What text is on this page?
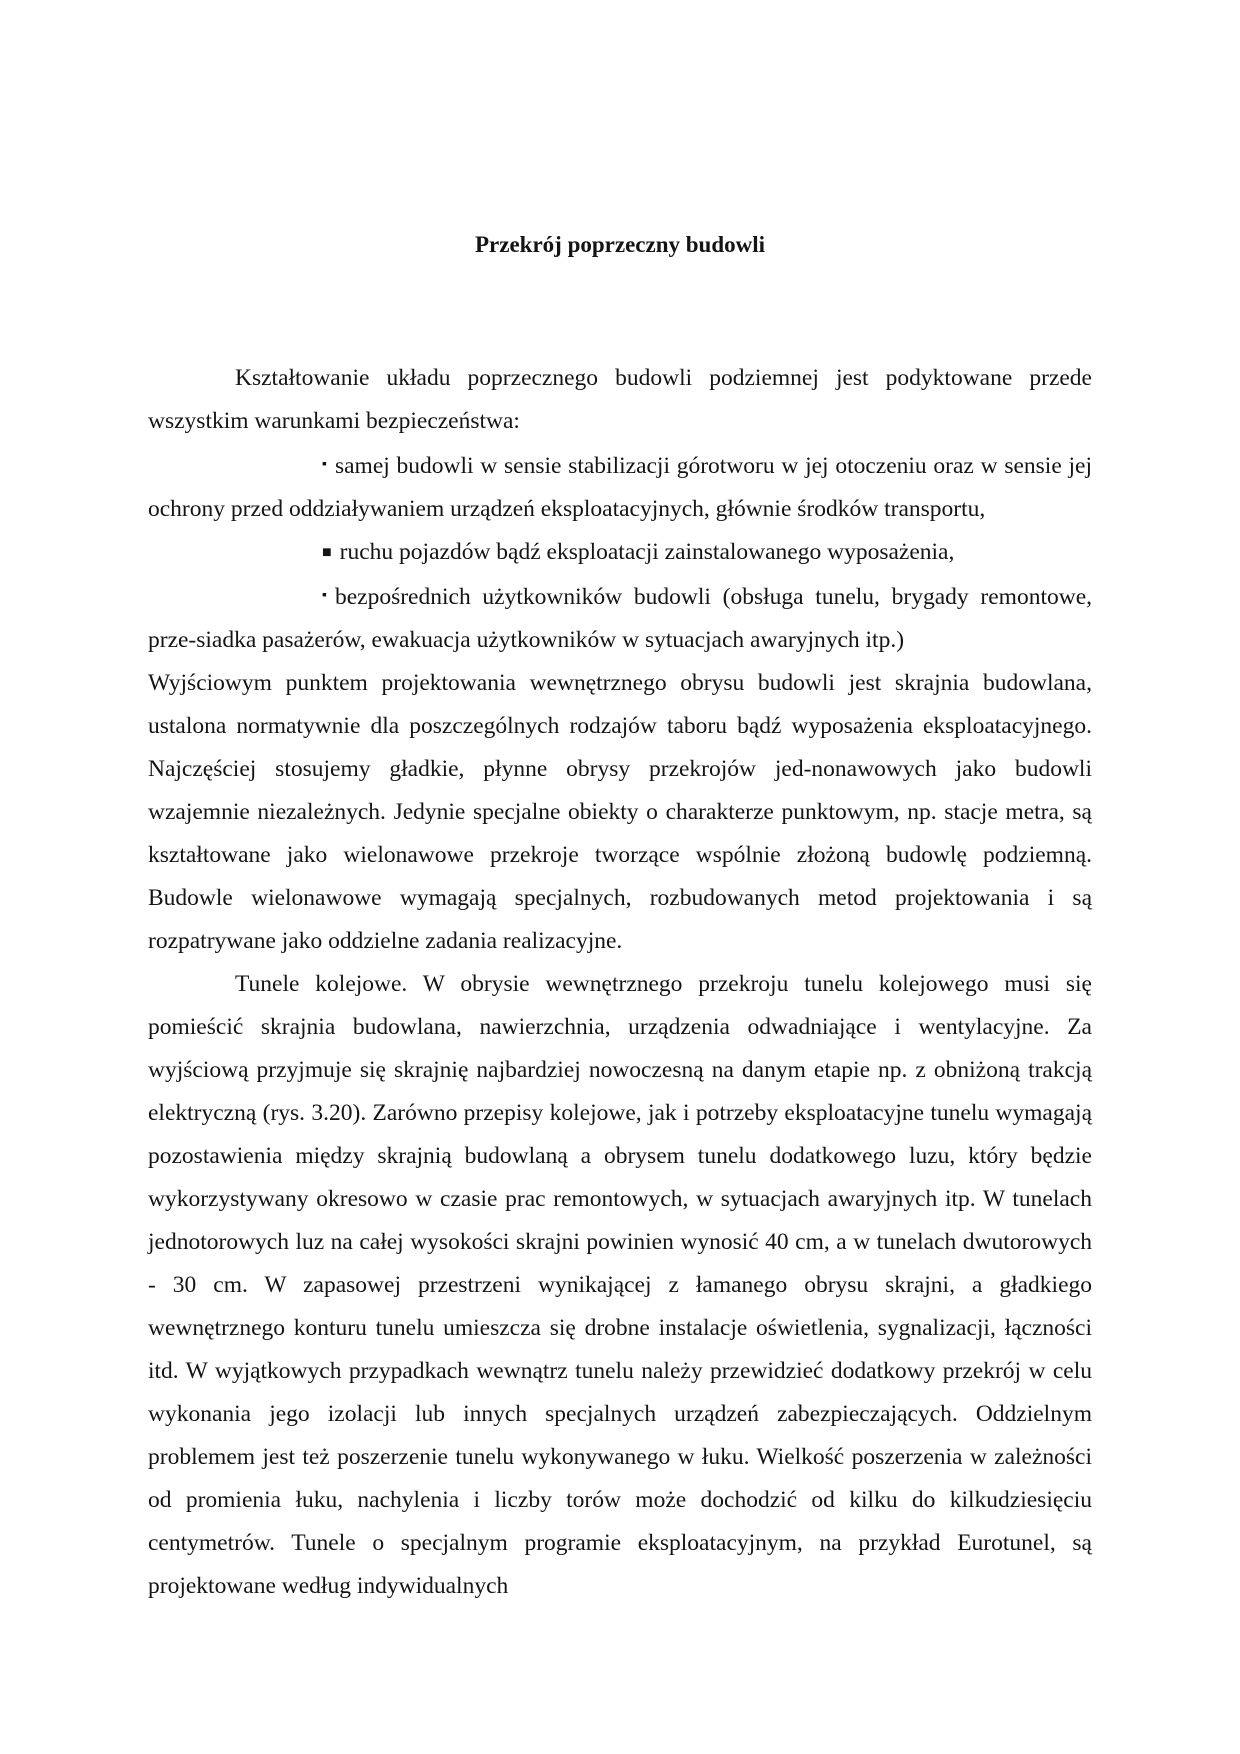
Przekrój poprzeczny budowli

Kształtowanie układu poprzecznego budowli podziemnej jest podyktowane przede wszystkim warunkami bezpieczeństwa:

▪ samej budowli w sensie stabilizacji górotworu w jej otoczeniu oraz w sensie jej ochrony przed oddziaływaniem urządzeń eksploatacyjnych, głównie środków transportu,

■ ruchu pojazdów bądź eksploatacji zainstalowanego wyposażenia,

▪ bezpośrednich użytkowników budowli (obsługa tunelu, brygady remontowe, prze-siadka pasażerów, ewakuacja użytkowników w sytuacjach awaryjnych itp.)

Wyjściowym punktem projektowania wewnętrznego obrysu budowli jest skrajnia budowlana, ustalona normatywnie dla poszczególnych rodzajów taboru bądź wyposażenia eksploatacyjnego. Najczęściej stosujemy gładkie, płynne obrysy przekrojów jed-nonawowych jako budowli wzajemnie niezależnych. Jedynie specjalne obiekty o charakterze punktowym, np. stacje metra, są kształtowane jako wielonawowe przekroje tworzące wspólnie złożoną budowlę podziemną. Budowle wielonawowe wymagają specjalnych, rozbudowanych metod projektowania i są rozpatrywane jako oddzielne zadania realizacyjne.

Tunele kolejowe. W obrysie wewnętrznego przekroju tunelu kolejowego musi się pomieścić skrajnia budowlana, nawierzchnia, urządzenia odwadniające i wentylacyjne. Za wyjściową przyjmuje się skrajnię najbardziej nowoczesną na danym etapie np. z obniżoną trakcją elektryczną (rys. 3.20). Zarówno przepisy kolejowe, jak i potrzeby eksploatacyjne tunelu wymagają pozostawienia między skrajnią budowlaną a obrysem tunelu dodatkowego luzu, który będzie wykorzystywany okresowo w czasie prac remontowych, w sytuacjach awaryjnych itp. W tunelach jednotorowych luz na całej wysokości skrajni powinien wynosić 40 cm, a w tunelach dwutorowych - 30 cm. W zapasowej przestrzeni wynikającej z łamanego obrysu skrajni, a gładkiego wewnętrznego konturu tunelu umieszcza się drobne instalacje oświetlenia, sygnalizacji, łączności itd. W wyjątkowych przypadkach wewnątrz tunelu należy przewidzieć dodatkowy przekrój w celu wykonania jego izolacji lub innych specjalnych urządzeń zabezpieczających. Oddzielnym problemem jest też poszerzenie tunelu wykonywanego w łuku. Wielkość poszerzenia w zależności od promienia łuku, nachylenia i liczby torów może dochodzić od kilku do kilkudziesięciu centymetrów. Tunele o specjalnym programie eksploatacyjnym, na przykład Eurotunel, są projektowane według indywidualnych
